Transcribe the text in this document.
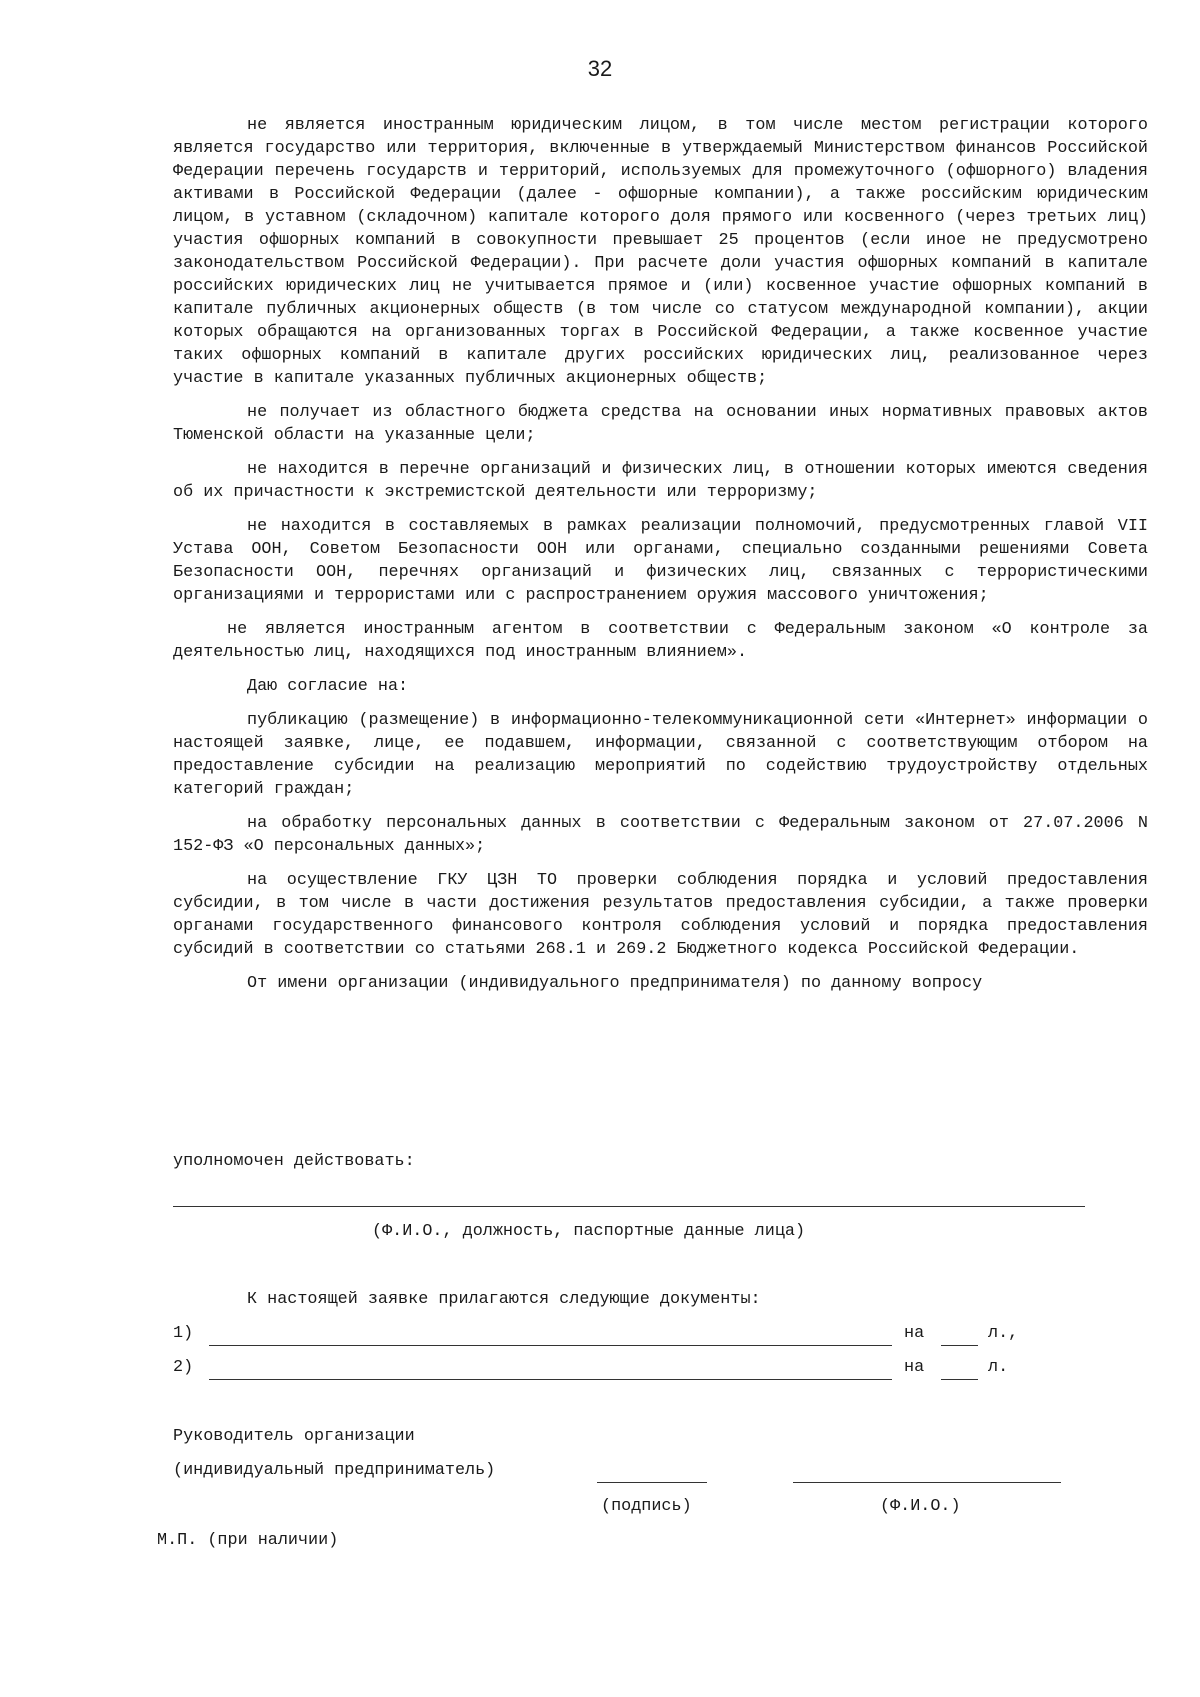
32

не является иностранным юридическим лицом, в том числе местом регистрации которого является государство или территория, включенные в утверждаемый Министерством финансов Российской Федерации перечень государств и территорий, используемых для промежуточного (офшорного) владения активами в Российской Федерации (далее - офшорные компании), а также российским юридическим лицом, в уставном (складочном) капитале которого доля прямого или косвенного (через третьих лиц) участия офшорных компаний в совокупности превышает 25 процентов (если иное не предусмотрено законодательством Российской Федерации). При расчете доли участия офшорных компаний в капитале российских юридических лиц не учитывается прямое и (или) косвенное участие офшорных компаний в капитале публичных акционерных обществ (в том числе со статусом международной компании), акции которых обращаются на организованных торгах в Российской Федерации, а также косвенное участие таких офшорных компаний в капитале других российских юридических лиц, реализованное через участие в капитале указанных публичных акционерных обществ;

не получает из областного бюджета средства на основании иных нормативных правовых актов Тюменской области на указанные цели;

не находится в перечне организаций и физических лиц, в отношении которых имеются сведения об их причастности к экстремистской деятельности или терроризму;

не находится в составляемых в рамках реализации полномочий, предусмотренных главой VII Устава ООН, Советом Безопасности ООН или органами, специально созданными решениями Совета Безопасности ООН, перечнях организаций и физических лиц, связанных с террористическими организациями и террористами или с распространением оружия массового уничтожения;

не является иностранным агентом в соответствии с Федеральным законом «О контроле за деятельностью лиц, находящихся под иностранным влиянием».

Даю согласие на:

публикацию (размещение) в информационно-телекоммуникационной сети «Интернет» информации о настоящей заявке, лице, ее подавшем, информации, связанной с соответствующим отбором на предоставление субсидии на реализацию мероприятий по содействию трудоустройству отдельных категорий граждан;

на обработку персональных данных в соответствии с Федеральным законом от 27.07.2006 N 152-ФЗ «О персональных данных»;

на осуществление ГКУ ЦЗН ТО проверки соблюдения порядка и условий предоставления субсидии, в том числе в части достижения результатов предоставления субсидии, а также проверки органами государственного финансового контроля соблюдения условий и порядка предоставления субсидий в соответствии со статьями 268.1 и 269.2 Бюджетного кодекса Российской Федерации.

От имени организации (индивидуального предпринимателя) по данному вопросу

уполномочен действовать:
(Ф.И.О., должность, паспортные данные лица)
К настоящей заявке прилагаются следующие документы:
1)	на	л.,
2)	на	л.
Руководитель организации
(индивидуальный предприниматель)
(подпись)	(Ф.И.О.)
М.П. (при наличии)
